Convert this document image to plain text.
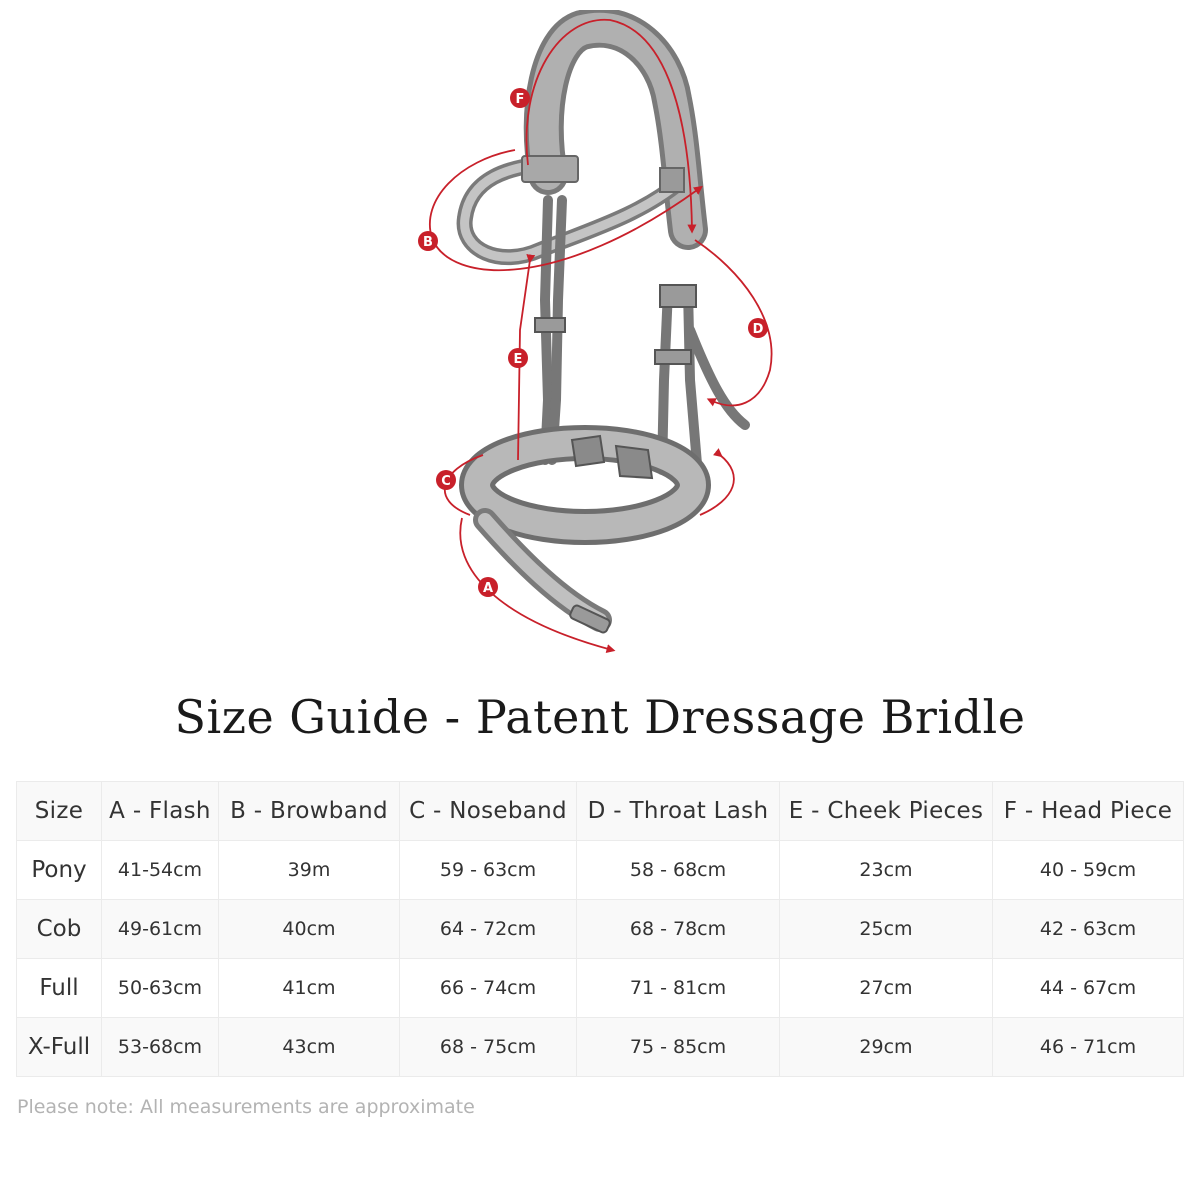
A
B
C
D
E
F
Size Guide - Patent Dressage Bridle
Size	A - Flash	B - Browband	C - Noseband	D - Throat Lash	E - Cheek Pieces	F - Head Piece
Pony	41-54cm	39m	59 - 63cm	58 - 68cm	23cm	40 - 59cm
Cob	49-61cm	40cm	64 - 72cm	68 - 78cm	25cm	42 - 63cm
Full	50-63cm	41cm	66 - 74cm	71 - 81cm	27cm	44 - 67cm
X-Full	53-68cm	43cm	68 - 75cm	75 - 85cm	29cm	46 - 71cm
Please note: All measurements are approximate
